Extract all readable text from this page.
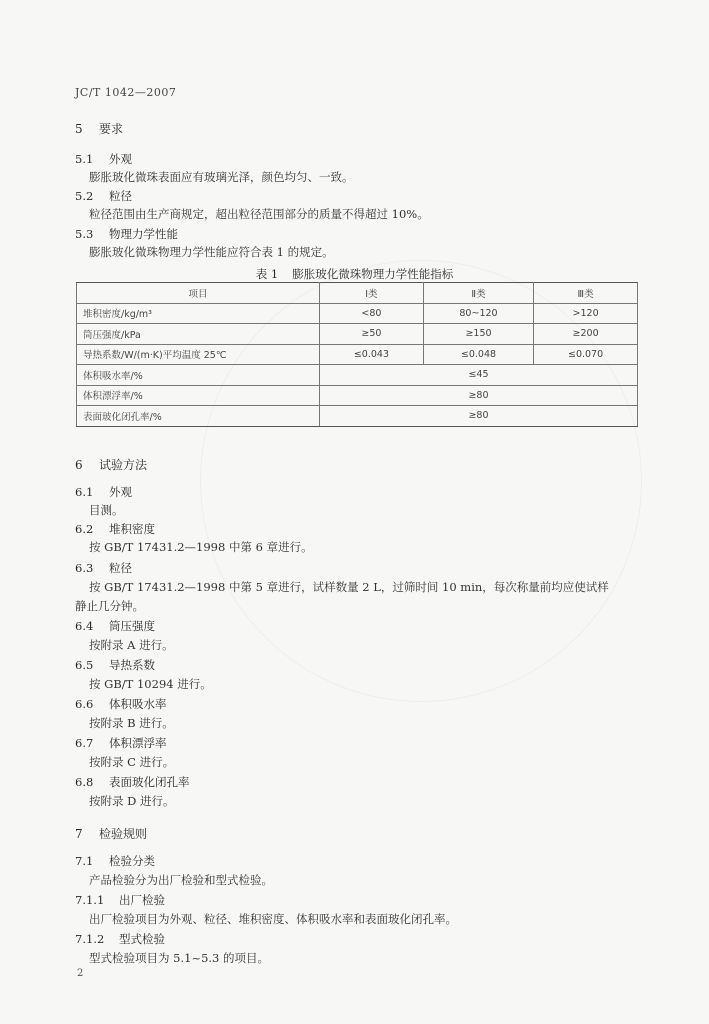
JC/T 1042—2007
5 要求
5.1 外观
膨胀玻化微珠表面应有玻璃光泽，颜色均匀、一致。
5.2 粒径
粒径范围由生产商规定，超出粒径范围部分的质量不得超过 10%。
5.3 物理力学性能
膨胀玻化微珠物理力学性能应符合表 1 的规定。
表 1 膨胀玻化微珠物理力学性能指标
项目	Ⅰ类	Ⅱ类	Ⅲ类
堆积密度/kg/m³	<80	80~120	>120
筒压强度/kPa	≥50	≥150	≥200
导热系数/W/(m·K)平均温度 25℃	≤0.043	≤0.048	≤0.070
体积吸水率/%	≤45		
体积漂浮率/%	≥80		
表面玻化闭孔率/%	≥80		
6 试验方法
6.1 外观
目测。
6.2 堆积密度
按 GB/T 17431.2—1998 中第 6 章进行。
6.3 粒径
按 GB/T 17431.2—1998 中第 5 章进行，试样数量 2 L，过筛时间 10 min，每次称量前均应使试样
静止几分钟。
6.4 筒压强度
按附录 A 进行。
6.5 导热系数
按 GB/T 10294 进行。
6.6 体积吸水率
按附录 B 进行。
6.7 体积漂浮率
按附录 C 进行。
6.8 表面玻化闭孔率
按附录 D 进行。
7 检验规则
7.1 检验分类
产品检验分为出厂检验和型式检验。
7.1.1 出厂检验
出厂检验项目为外观、粒径、堆积密度、体积吸水率和表面玻化闭孔率。
7.1.2 型式检验
型式检验项目为 5.1~5.3 的项目。
2
